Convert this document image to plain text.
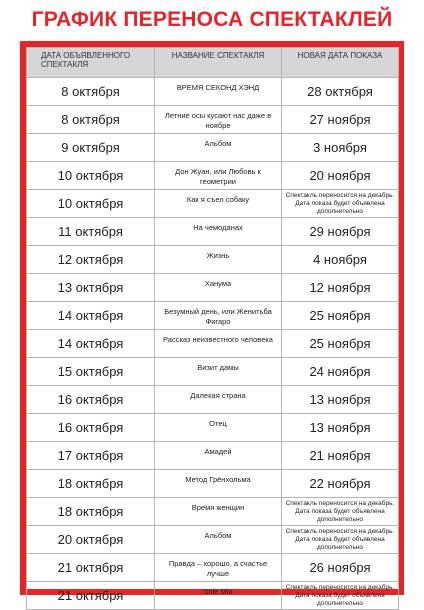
ГРАФИК ПЕРЕНОСА СПЕКТАКЛЕЙ
ДАТА ОБЪЯВЛЕННОГО СПЕКТАКЛЯ	НАЗВАНИЕ СПЕКТАКЛЯ	НОВАЯ ДАТА ПОКАЗА
8 октября	ВРЕМЯ СЕКОНД ХЭНД	28 октября
8 октября	Летние осы кусают нас даже в ноябре	27 ноября
9 октября	Альбом	3 ноября
10 октября	Дон Жуан, или Любовь к геометрии	20 ноября
10 октября	Как я съел собаку	Спектакль переносится на декабрь. Дата показа будет объявлена дополнительно
11 октября	На чемоданах	29 ноября
12 октября	Жизнь	4 ноября
13 октября	Ханума	12 ноября
14 октября	Безумный день, или Женитьба Фигаро	25 ноября
14 октября	Рассказ неизвестного человека	25 ноября
15 октября	Визит дамы	24 ноября
16 октября	Далекая страна	13 ноября
16 октября	Отец	13 ноября
17 октября	Амадей	21 ноября
18 октября	Метод Грёнхольма	22 ноября
18 октября	Время женщин	Спектакль переносится на декабрь. Дата показа будет объявлена дополнительно
20 октября	Альбом	Спектакль переносится на декабрь. Дата показа будет объявлена дополнительно
21 октября	Правда – хорошо, а счастье лучше	26 ноября
21 октября	Sole Mio	Спектакль переносится на декабрь. Дата показа будет объявлена дополнительно
